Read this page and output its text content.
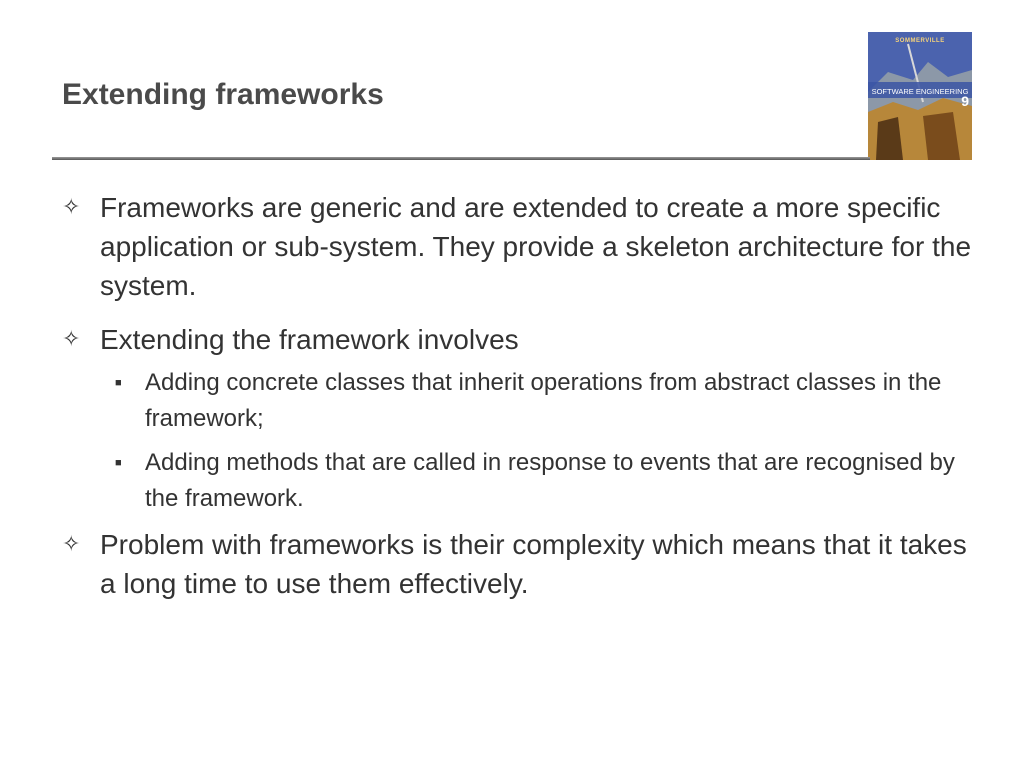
Extending frameworks
SOMMERVILLE
SOFTWARE ENGINEERING
9
✧ Frameworks are generic and are extended to create a more specific application or sub-system. They provide a skeleton architecture for the system.
✧ Extending the framework involves
■ Adding concrete classes that inherit operations from abstract classes in the framework;
■ Adding methods that are called in response to events that are recognised by the framework.
✧ Problem with frameworks is their complexity which means that it takes a long time to use them effectively.
